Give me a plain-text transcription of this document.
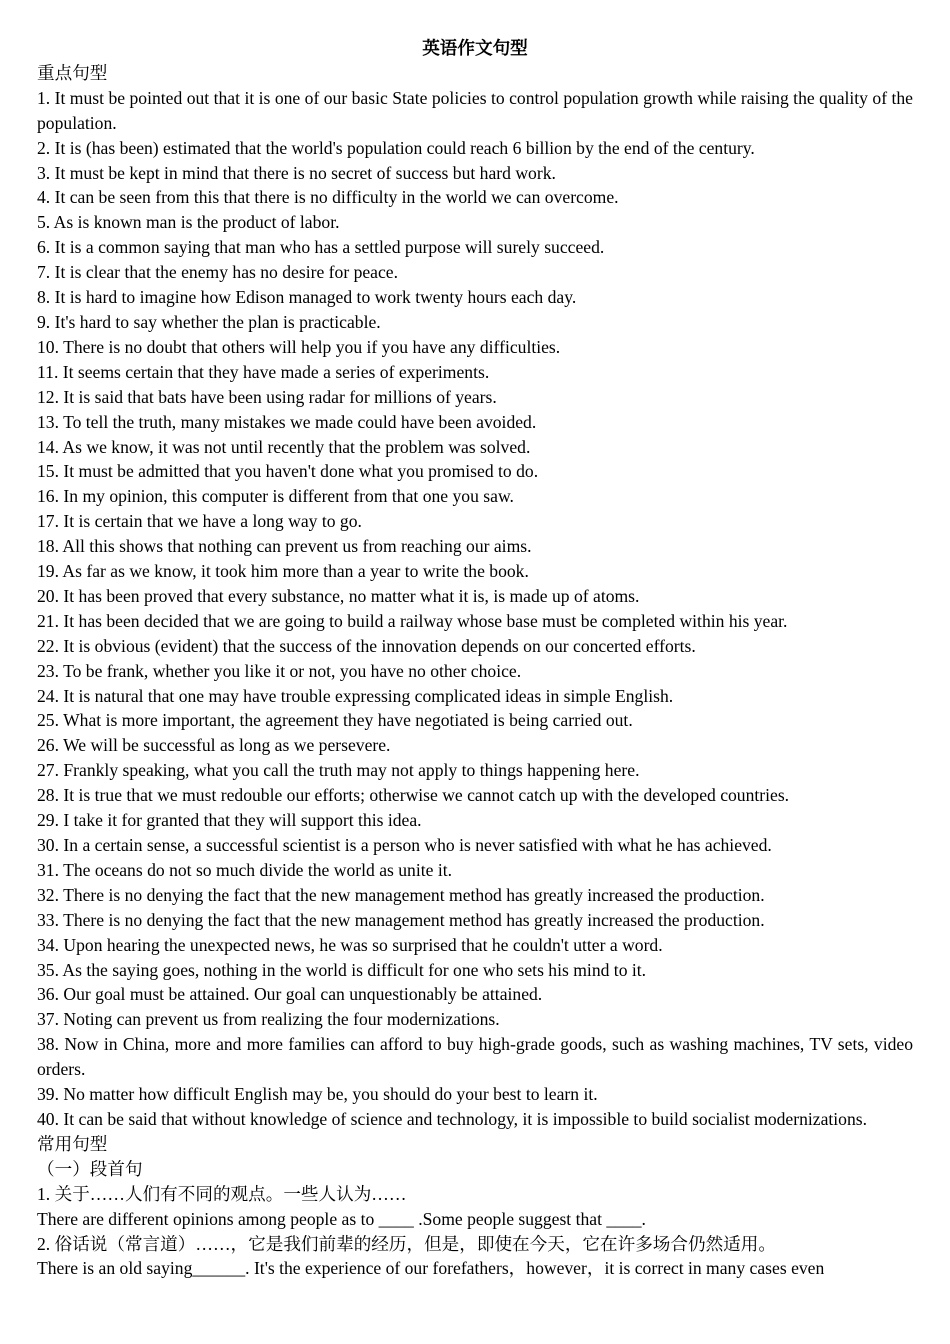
英语作文句型

重点句型

1. It must be pointed out that it is one of our basic State policies to control population growth while raising the quality of the population.

2. It is (has been) estimated that the world's population could reach 6 billion by the end of the century.

3. It must be kept in mind that there is no secret of success but hard work.

4. It can be seen from this that there is no difficulty in the world we can overcome.

5. As is known man is the product of labor.

6. It is a common saying that man who has a settled purpose will surely succeed.

7. It is clear that the enemy has no desire for peace.

8. It is hard to imagine how Edison managed to work twenty hours each day.

9. It's hard to say whether the plan is practicable.

10. There is no doubt that others will help you if you have any difficulties.

11. It seems certain that they have made a series of experiments.

12. It is said that bats have been using radar for millions of years.

13. To tell the truth, many mistakes we made could have been avoided.

14. As we know, it was not until recently that the problem was solved.

15. It must be admitted that you haven't done what you promised to do.

16. In my opinion, this computer is different from that one you saw.

17. It is certain that we have a long way to go.

18. All this shows that nothing can prevent us from reaching our aims.

19. As far as we know, it took him more than a year to write the book.

20. It has been proved that every substance, no matter what it is, is made up of atoms.

21. It has been decided that we are going to build a railway whose base must be completed within his year.

22. It is obvious (evident) that the success of the innovation depends on our concerted efforts.

23. To be frank, whether you like it or not, you have no other choice.

24. It is natural that one may have trouble expressing complicated ideas in simple English.

25. What is more important, the agreement they have negotiated is being carried out.

26. We will be successful as long as we persevere.

27. Frankly speaking, what you call the truth may not apply to things happening here.

28. It is true that we must redouble our efforts; otherwise we cannot catch up with the developed countries.

29. I take it for granted that they will support this idea.

30. In a certain sense, a successful scientist is a person who is never satisfied with what he has achieved.

31. The oceans do not so much divide the world as unite it.

32. There is no denying the fact that the new management method has greatly increased the production.

33. There is no denying the fact that the new management method has greatly increased the production.

34. Upon hearing the unexpected news, he was so surprised that he couldn't utter a word.

35. As the saying goes, nothing in the world is difficult for one who sets his mind to it.

36. Our goal must be attained. Our goal can unquestionably be attained.

37. Noting can prevent us from realizing the four modernizations.

38. Now in China, more and more families can afford to buy high-grade goods, such as washing machines, TV sets, video orders.

39. No matter how difficult English may be, you should do your best to learn it.

40. It can be said that without knowledge of science and technology, it is impossible to build socialist modernizations.

常用句型

（一）段首句

1. 关于……人们有不同的观点。一些人认为……

There are different opinions among people as to ____ .Some people suggest that ____.

2. 俗话说（常言道）……，它是我们前辈的经历，但是，即使在今天，它在许多场合仍然适用。

There is an old saying______. It's the experience of our forefathers，however，it is correct in many cases even
